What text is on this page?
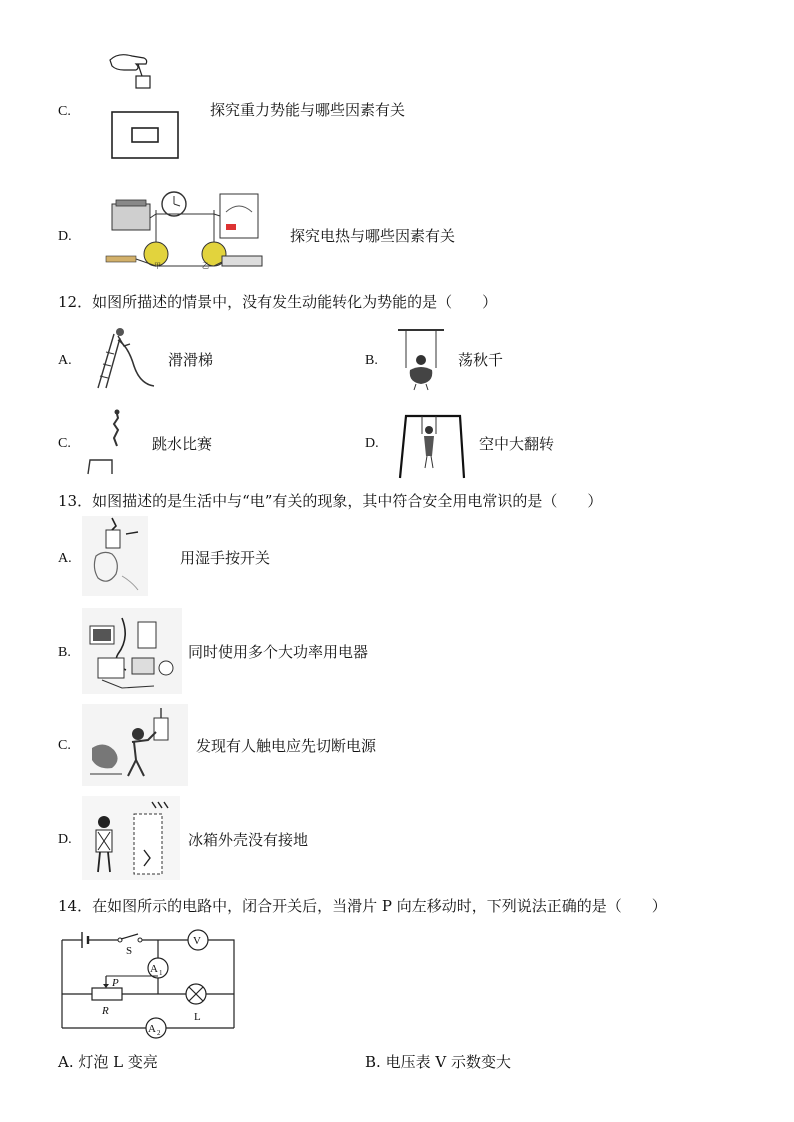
C.	探究重力势能与哪些因素有关
D.
甲	乙
探究电热与哪些因素有关
12．如图所描述的情景中，没有发生动能转化为势能的是（　　）
A.	滑滑梯	B.	荡秋千
C.	跳水比赛	D.	空中大翻转
13．如图描述的是生活中与“电”有关的现象，其中符合安全用电常识的是（　　）
A.	用湿手按开关
B.	同时使用多个大功率用电器
C.	发现有人触电应先切断电源
D.	冰箱外壳没有接地
14．在如图所示的电路中，闭合开关后，当滑片 P 向左移动时，下列说法正确的是（　　）
S
V
A 1
P
R	L
A 2
A. 灯泡 L 变亮	B. 电压表 V 示数变大
